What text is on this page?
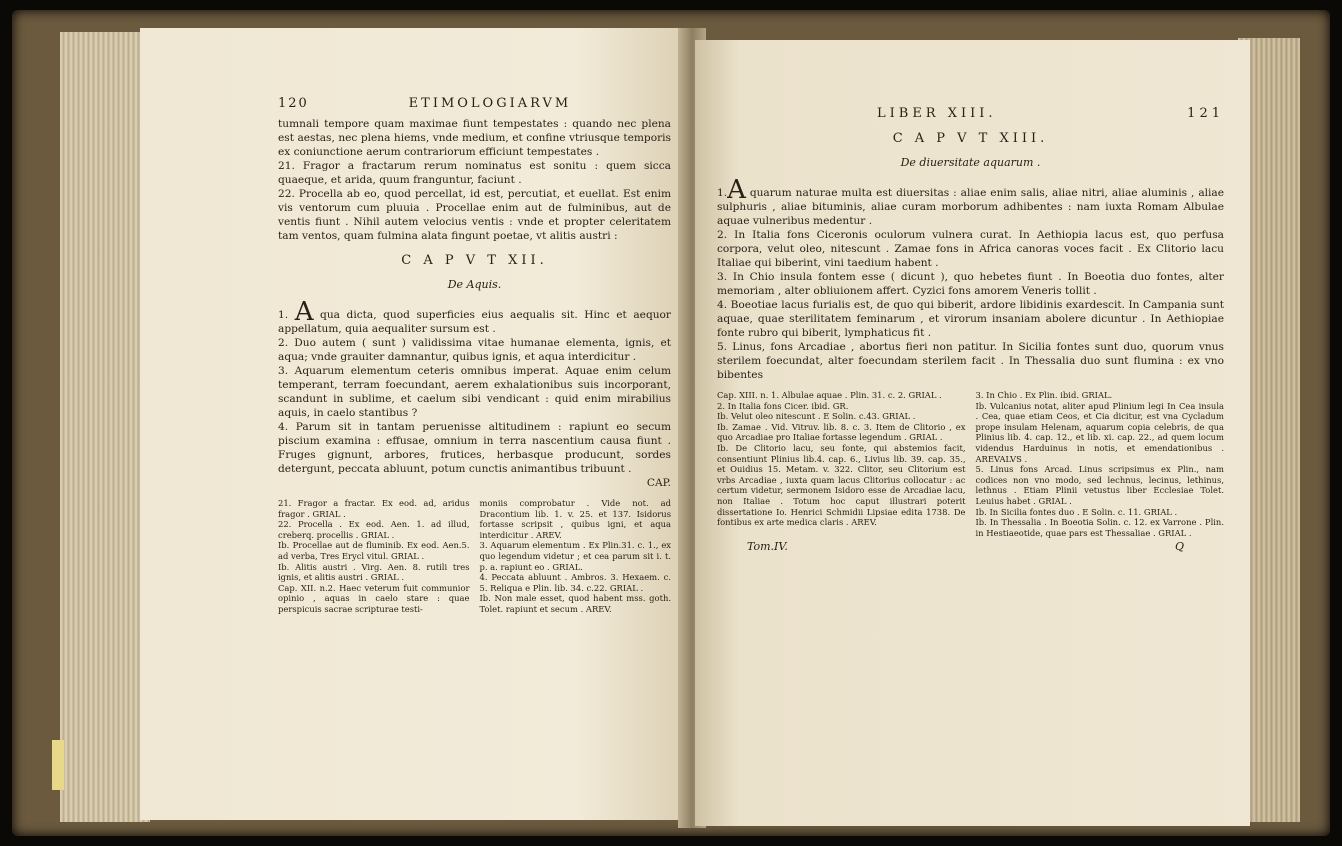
120	ETIMOLOGIARVM

tumnali tempore quam maximae fiunt tempestates : quando nec plena est aestas, nec plena hiems, vnde medium, et confine vtriusque temporis ex coniunctione aerum contrariorum efficiunt tempestates .

21. Fragor a fractarum rerum nominatus est sonitu : quem sicca quaeque, et arida, quum franguntur, faciunt .

22. Procella ab eo, quod percellat, id est, percutiat, et euellat. Est enim vis ventorum cum pluuia . Procellae enim aut de fulminibus, aut de ventis fiunt . Nihil autem velocius ventis : vnde et propter celeritatem tam ventos, quam fulmina alata fingunt poetae, vt alitis austri :

C A P V T XII.
De Aquis.

1. A qua dicta, quod superficies eius aequalis sit. Hinc et aequor appellatum, quia aequaliter sursum est .

2. Duo autem ( sunt ) validissima vitae humanae elementa, ignis, et aqua; vnde grauiter damnantur, quibus ignis, et aqua interdicitur .

3. Aquarum elementum ceteris omnibus imperat. Aquae enim celum temperant, terram foecundant, aerem exhalationibus suis incorporant, scandunt in sublime, et caelum sibi vendicant : quid enim mirabilius aquis, in caelo stantibus ?

4. Parum sit in tantam peruenisse altitudinem : rapiunt eo secum piscium examina : effusae, omnium in terra nascentium causa fiunt . Fruges gignunt, arbores, frutices, herbasque producunt, sordes detergunt, peccata abluunt, potum cunctis animantibus tribuunt .

CAP.

21. Fragor a fractar. Ex eod. ad, aridus fragor . GRIAL .

22. Procella . Ex eod. Aen. 1. ad illud, creberq. procellis . GRIAL .

Ib. Procellae aut de fluminib. Ex eod. Aen.5. ad verba, Tres Erycl vitul. GRIAL .

Ib. Alitis austri . Virg. Aen. 8. rutili tres ignis, et alitis austri . GRIAL .

Cap. XII. n.2. Haec veterum fuit communior opinio , aquas in caelo stare : quae perspicuis sacrae scripturae testi-

moniis comprobatur . Vide not. ad Dracontium lib. 1. v. 25. et 137. Isidorus fortasse scripsit , quibus igni, et aqua interdicitur . AREV.

3. Aquarum elementum . Ex Plin.31. c. 1., ex quo legendum videtur ; et cea parum sit i. t. p. a. rapiunt eo . GRIAL.

4. Peccata abluunt . Ambros. 3. Hexaem. c. 5. Reliqua e Plin. lib. 34. c.22. GRIAL .

Ib. Non male esset, quod habent mss. goth. Tolet. rapiunt et secum . AREV.

LIBER XIII.	121
C A P V T XIII.
De diuersitate aquarum .

1.A quarum naturae multa est diuersitas : aliae enim salis, aliae nitri, aliae aluminis , aliae sulphuris , aliae bituminis, aliae curam morborum adhibentes : nam iuxta Romam Albulae aquae vulneribus medentur .

2. In Italia fons Ciceronis oculorum vulnera curat. In Aethiopia lacus est, quo perfusa corpora, velut oleo, nitescunt . Zamae fons in Africa canoras voces facit . Ex Clitorio lacu Italiae qui biberint, vini taedium habent .

3. In Chio insula fontem esse ( dicunt ), quo hebetes fiunt . In Boeotia duo fontes, alter memoriam , alter obliuionem affert. Cyzici fons amorem Veneris tollit .

4. Boeotiae lacus furialis est, de quo qui biberit, ardore libidinis exardescit. In Campania sunt aquae, quae sterilitatem feminarum , et virorum insaniam abolere dicuntur . In Aethiopiae fonte rubro qui biberit, lymphaticus fit .

5. Linus, fons Arcadiae , abortus fieri non patitur. In Sicilia fontes sunt duo, quorum vnus sterilem foecundat, alter foecundam sterilem facit . In Thessalia duo sunt flumina : ex vno bibentes

Cap. XIII. n. 1. Albulae aquae . Plin. 31. c. 2. GRIAL .

2. In Italia fons Cicer. ibid. GR.

Ib. Velut oleo nitescunt . E Solin. c.43. GRIAL .

Ib. Zamae . Vid. Vitruv. lib. 8. c. 3. Item de Clitorio , ex quo Arcadiae pro Italiae fortasse legendum . GRIAL .

Ib. De Clitorio lacu, seu fonte, qui abstemios facit, consentiunt Plinius lib.4. cap. 6., Livius lib. 39. cap. 35., et Ouidius 15. Metam. v. 322. Clitor, seu Clitorium est vrbs Arcadiae , iuxta quam lacus Clitorius collocatur : ac certum videtur, sermonem Isidoro esse de Arcadiae lacu, non Italiae . Totum hoc caput illustrari poterit dissertatione Io. Henrici Schmidii Lipsiae edita 1738. De fontibus ex arte medica claris . AREV.

3. In Chio . Ex Plin. ibid. GRIAL.

Ib. Vulcanius notat, aliter apud Plinium legi In Cea insula . Cea, quae etiam Ceos, et Cia dicitur, est vna Cycladum prope insulam Helenam, aquarum copia celebris, de qua Plinius lib. 4. cap. 12., et lib. xi. cap. 22., ad quem locum videndus Harduinus in notis, et emendationibus . AREVALVS .

5. Linus fons Arcad. Linus scripsimus ex Plin., nam codices non vno modo, sed lechnus, lecinus, lethinus, lethnus . Etiam Plinii vetustus liber Ecclesiae Tolet. Leuius habet . GRIAL .

Ib. In Sicilia fontes duo . E Solin. c. 11. GRIAL .

Ib. In Thessalia . In Boeotia Solin. c. 12. ex Varrone . Plin. in Hestiaeotide, quae pars est Thessaliae . GRIAL .

Tom.IV.	Q
